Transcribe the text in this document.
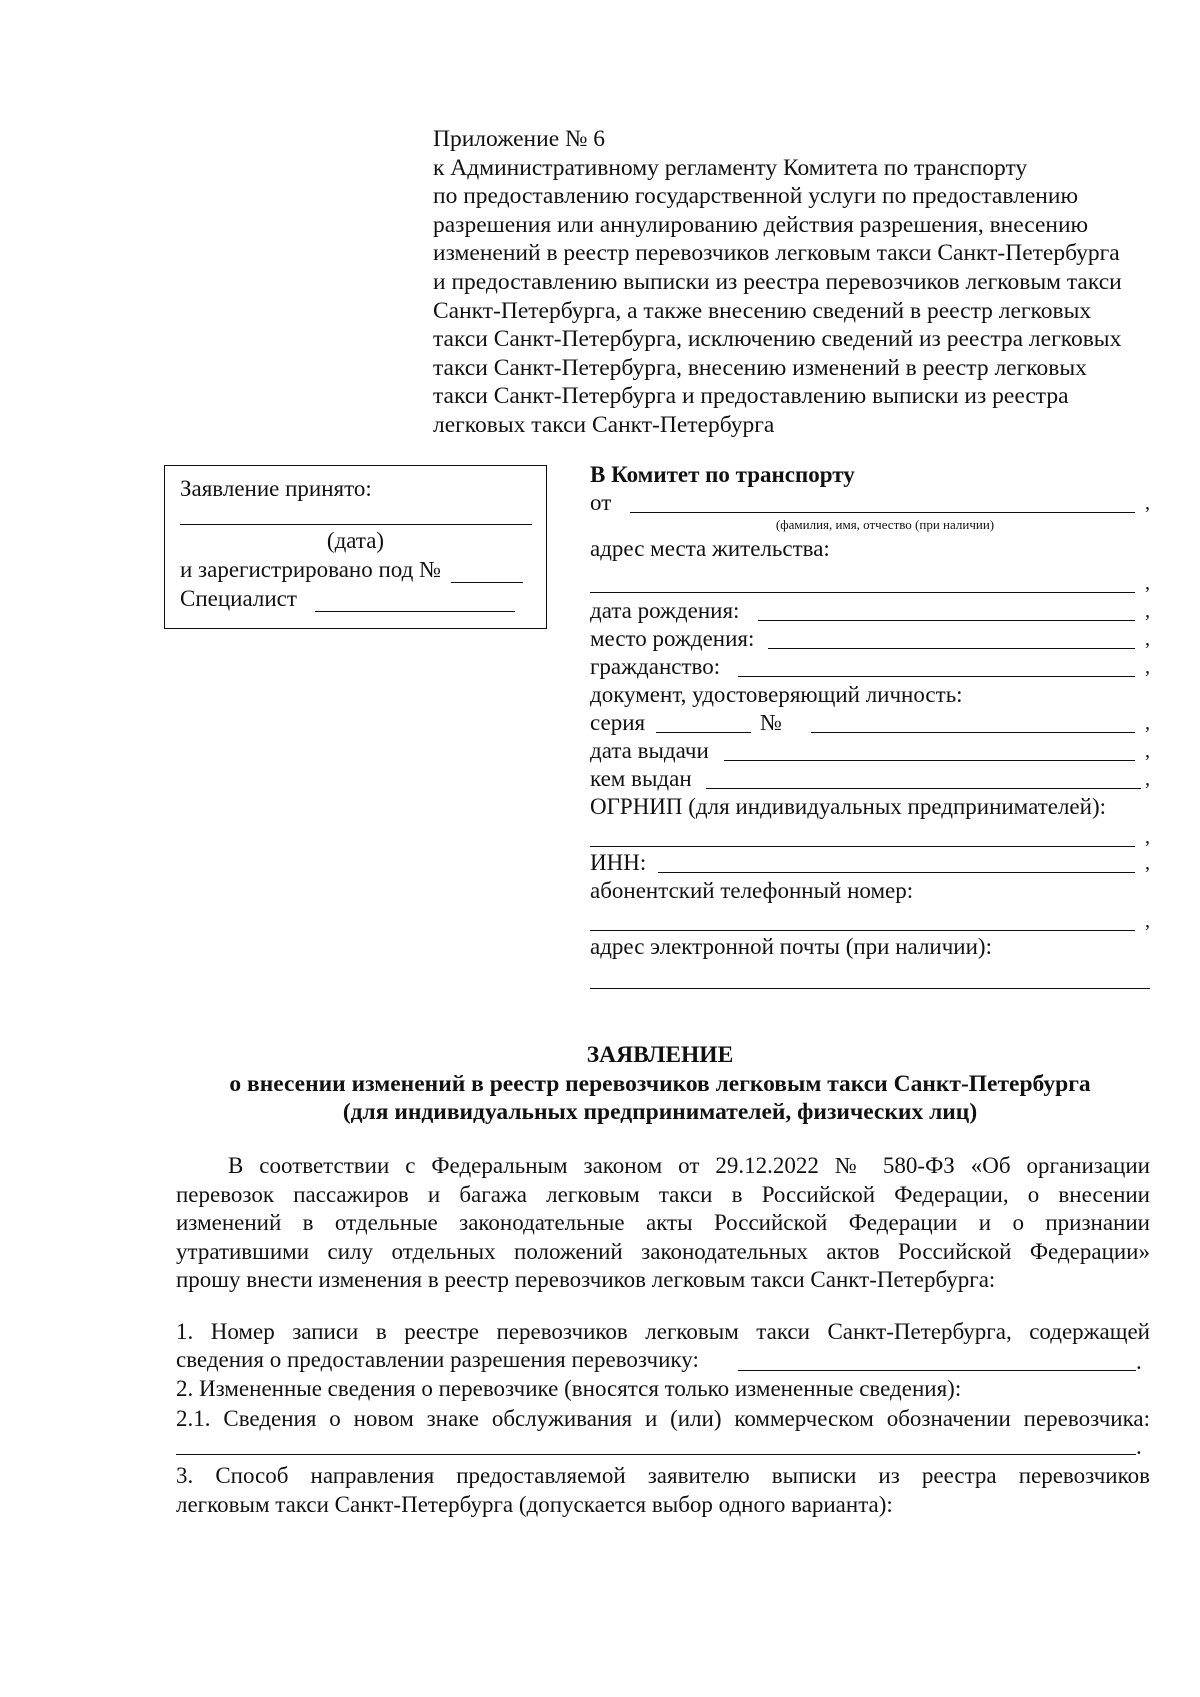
Приложение № 6
к Административному регламенту Комитета по транспорту
по предоставлению государственной услуги по предоставлению
разрешения или аннулированию действия разрешения, внесению
изменений в реестр перевозчиков легковым такси Санкт-Петербурга
и предоставлению выписки из реестра перевозчиков легковым такси
Санкт-Петербурга, а также внесению сведений в реестр легковых
такси Санкт-Петербурга, исключению сведений из реестра легковых
такси Санкт-Петербурга, внесению изменений в реестр легковых
такси Санкт-Петербурга и предоставлению выписки из реестра
легковых такси Санкт-Петербурга
Заявление принято:
(дата)
и зарегистрировано под №
Специалист
В Комитет по транспорту
от	,
(фамилия, имя, отчество (при наличии)
адрес места жительства:
,
дата рождения:	,
место рождения:	,
гражданство:	,
документ, удостоверяющий личность:
серия	№	,
дата выдачи	,
кем выдан	,
ОГРНИП (для индивидуальных предпринимателей):
,
ИНН:	,
абонентский телефонный номер:
,
адрес электронной почты (при наличии):
ЗАЯВЛЕНИЕ
о внесении изменений в реестр перевозчиков легковым такси Санкт-Петербурга
(для индивидуальных предпринимателей, физических лиц)
В соответствии с Федеральным законом от 29.12.2022 № 580-ФЗ «Об организации
перевозок пассажиров и багажа легковым такси в Российской Федерации, о внесении
изменений в отдельные законодательные акты Российской Федерации и о признании
утратившими силу отдельных положений законодательных актов Российской Федерации»
прошу внести изменения в реестр перевозчиков легковым такси Санкт-Петербурга:
1. Номер записи в реестре перевозчиков легковым такси Санкт-Петербурга, содержащей
сведения о предоставлении разрешения перевозчику:	.
2. Измененные сведения о перевозчике (вносятся только измененные сведения):
2.1. Сведения о новом знаке обслуживания и (или) коммерческом обозначении перевозчика:
.
3. Способ направления предоставляемой заявителю выписки из реестра перевозчиков
легковым такси Санкт-Петербурга (допускается выбор одного варианта):
